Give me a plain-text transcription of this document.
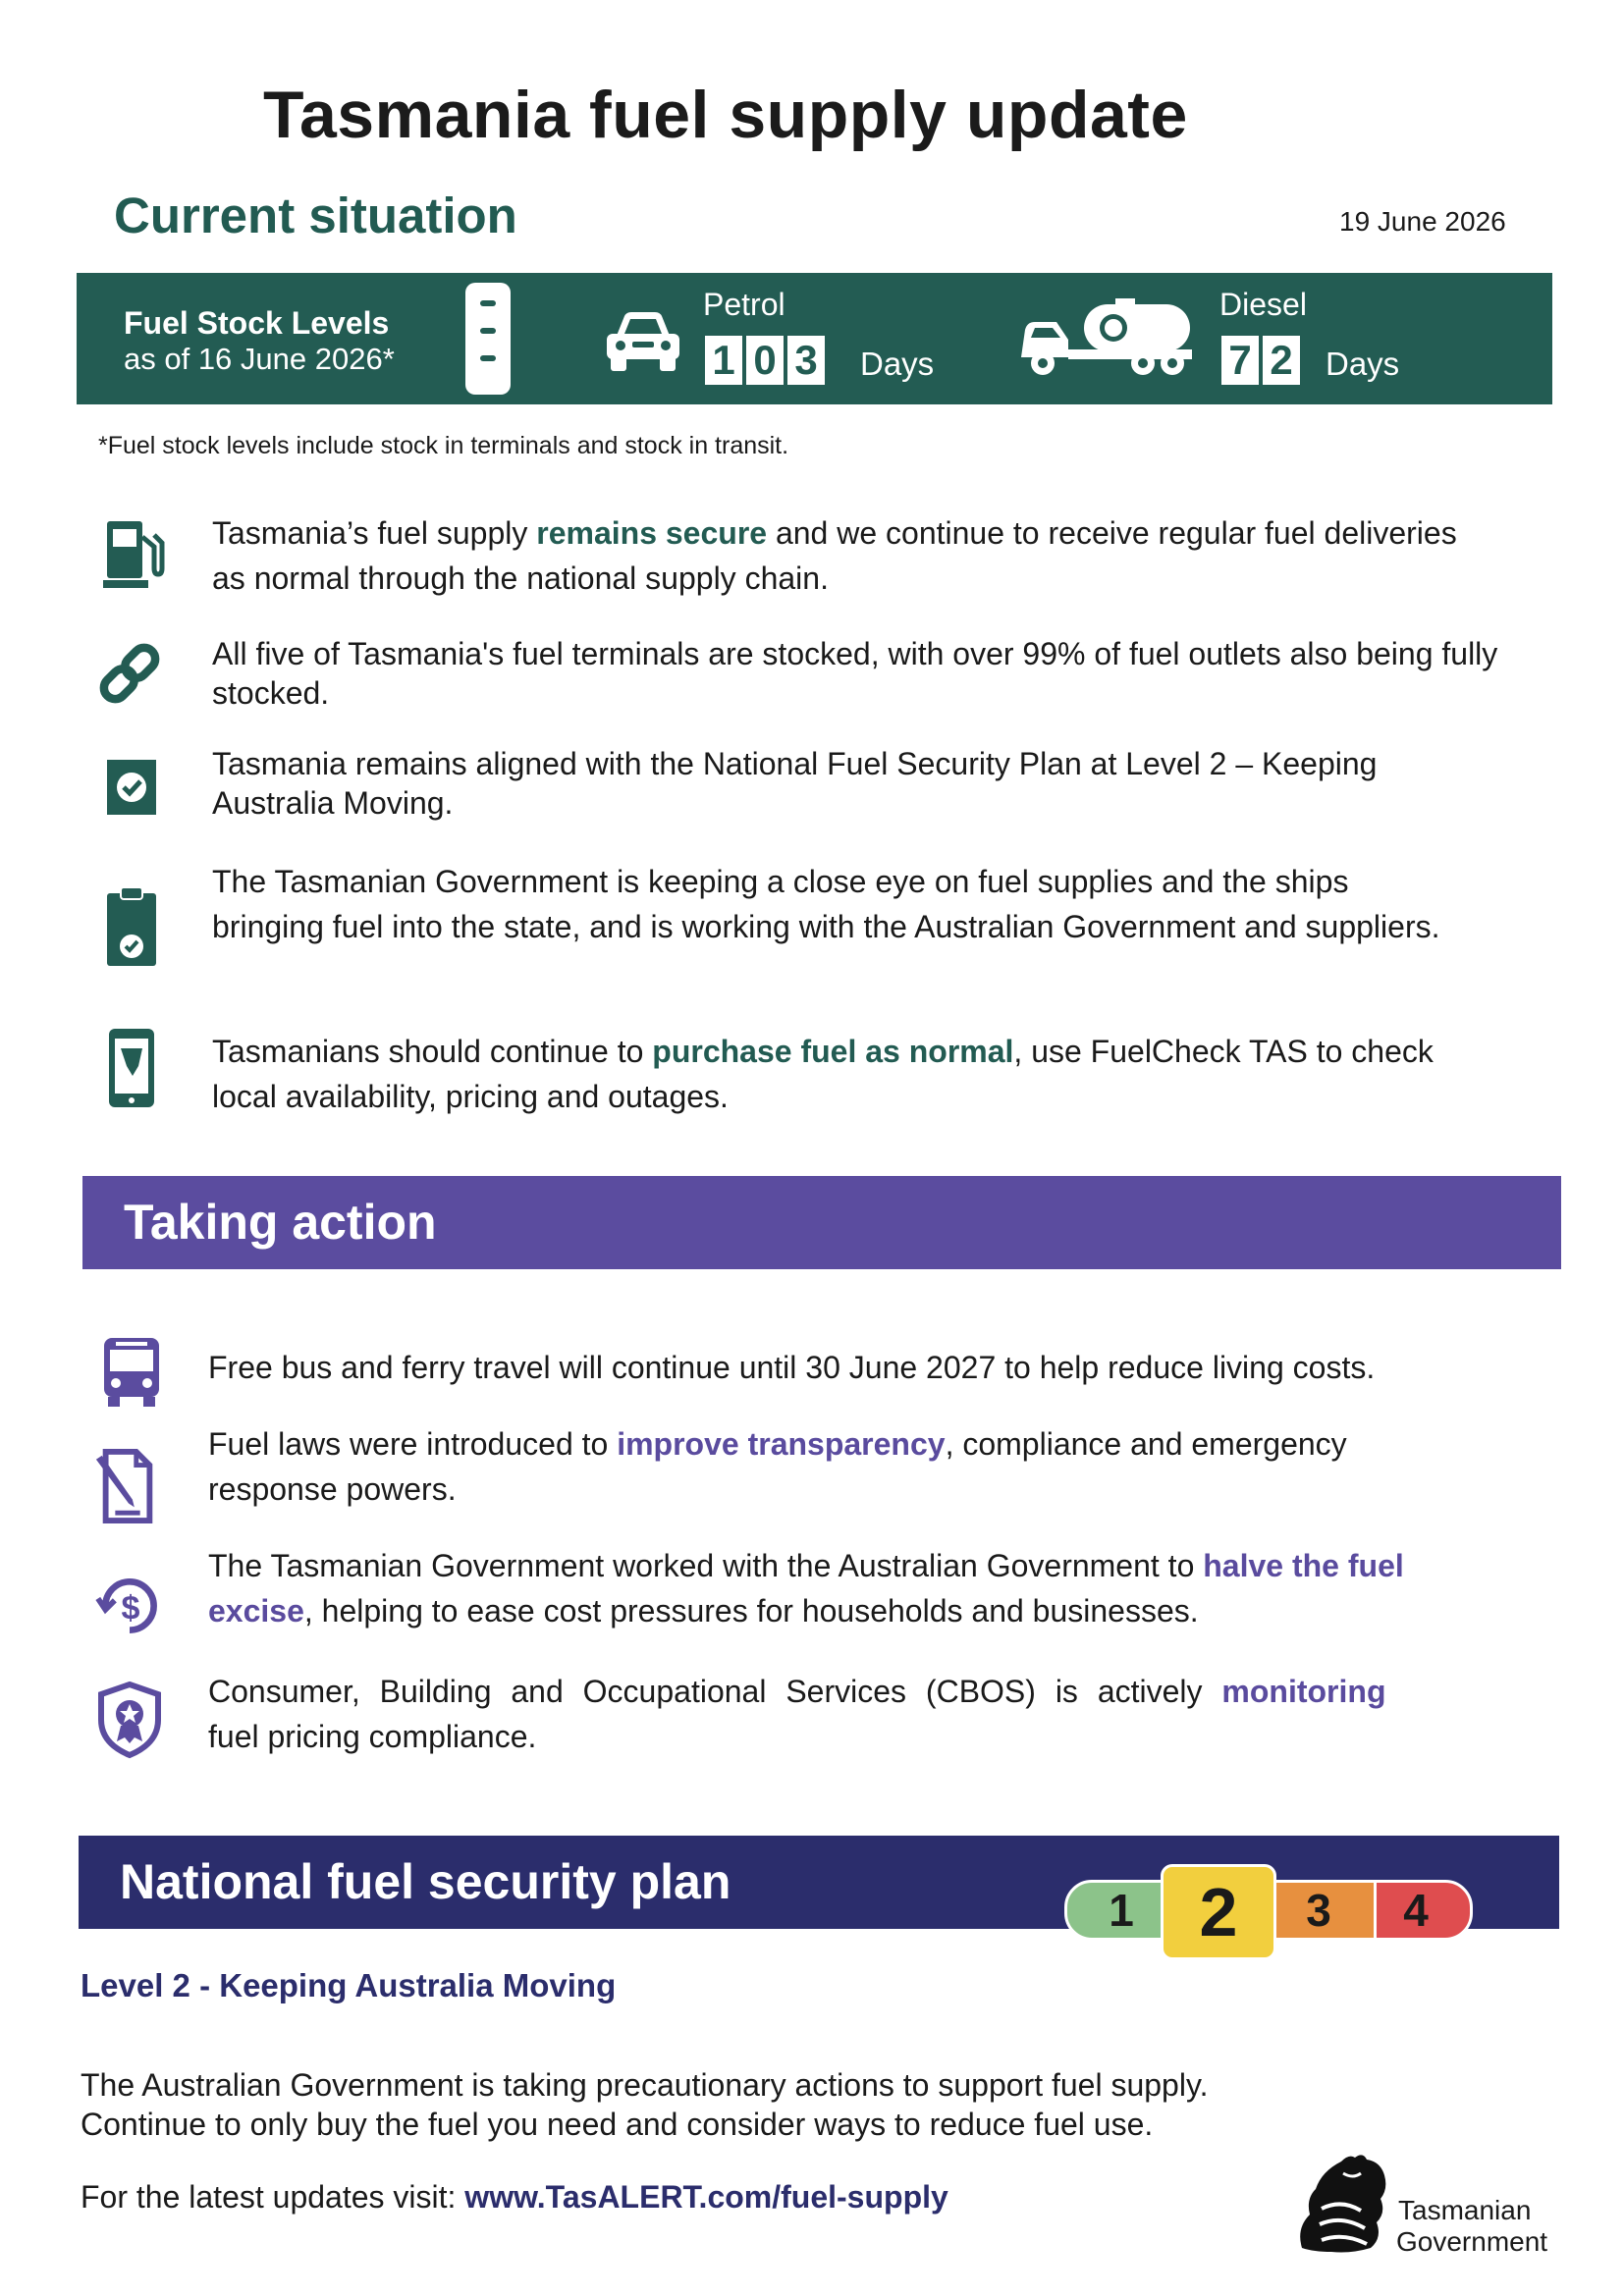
Tasmania fuel supply update
Current situation	19 June 2026
Fuel Stock Levels
as of 16 June 2026*
Petrol
1 0 3 Days
Diesel
7 2 Days
*Fuel stock levels include stock in terminals and stock in transit.
Tasmania’s fuel supply remains secure and we continue to receive regular fuel deliveries as normal through the national supply chain.
All five of Tasmania's fuel terminals are stocked, with over 99% of fuel outlets also being fully stocked.
Tasmania remains aligned with the National Fuel Security Plan at Level 2 – Keeping Australia Moving.
The Tasmanian Government is keeping a close eye on fuel supplies and the ships bringing fuel into the state, and is working with the Australian Government and suppliers.
Tasmanians should continue to purchase fuel as normal, use FuelCheck TAS to check local availability, pricing and outages.
Taking action
Free bus and ferry travel will continue until 30 June 2027 to help reduce living costs.
Fuel laws were introduced to improve transparency, compliance and emergency response powers.
$
The Tasmanian Government worked with the Australian Government to halve the fuel excise, helping to ease cost pressures for households and businesses.
Consumer, Building and Occupational Services (CBOS) is actively monitoring fuel pricing compliance.
National fuel security plan
4
3
1 2
Level 2 - Keeping Australia Moving
The Australian Government is taking precautionary actions to support fuel supply.
Continue to only buy the fuel you need and consider ways to reduce fuel use.
For the latest updates visit: www.TasALERT.com/fuel-supply	Tasmanian
Government
